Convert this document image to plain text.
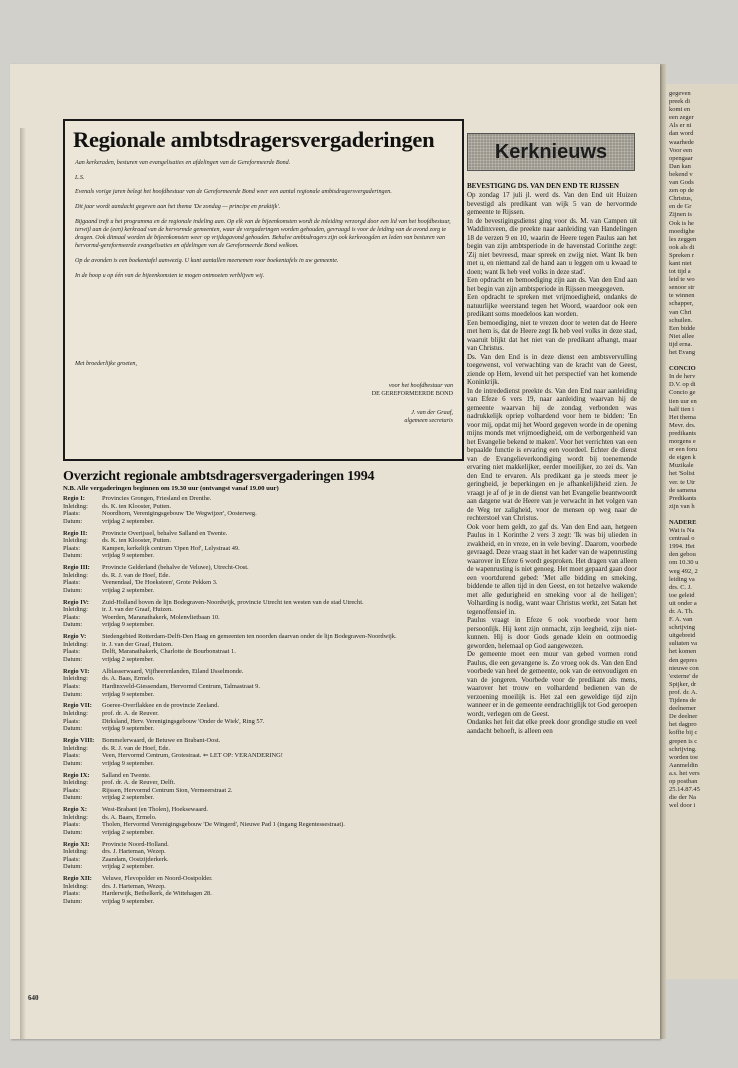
gegeven
preek di
komt en
een zeger
Als er ni
dan word
waarhede
Voor een
opengaar
Dan kan
bekend v
van Gods
zen op de
Christus,
en de Gr
Zijnen is
Ook is he
moedighe
les zeggen
ook als di
Spreken r
kant niet
tot tijd a
leid te wo
senoor str
te winnen
schapper,
van Chri
schuilen.
Een bidde
Niet allee
tijd erna.
het Evang

CONCIO
In de herv
D.V. op di
Concio ge
tien uur en
half tien i
Het thema
Mevr. drs.
predikants
morgens e
er een foru
de eigen k
Muzikale
het 'Solist
ver. te Utr
de samena
Predikants
zijn van h

NADERE
Wat is Na
centraal o
1994. Het
den gebou
om 10.30 u
weg 492, 2
leiding va
drs. C. J.
toe geleid
uit onder a
dr. A. Th.
F. A. van
schrijving
uitgebreid
sultaten va
het komen
den gepres
nieuwe con
'externe' de
Spijker, dr
prof. dr. A.
Tijdens de
deelnemer
De deelner
het dagpro
koffie bij c
grepen is c
schrijving.
worden toe
Aanmeldin
a.s. het vers
op postban
25.14.87.45
die der Na
wel door i
Regionale ambtsdragersvergaderingen

Aan kerkeraden, besturen van evangelisaties en afdelingen van de Gereformeerde Bond.

L.S.

Evenals vorige jaren belegt het hoofdbestuur van de Gereformeerde Bond weer een aantal regionale ambtsdragersvergaderingen.

Dit jaar wordt aandacht gegeven aan het thema 'De zondag — principe en praktijk'.

Bijgaand treft u het programma en de regionale indeling aan. Op elk van de bijeenkomsten wordt de inleiding verzorgd door een lid van het hoofdbestuur, terwijl aan de (een) kerkraad van de hervormde gemeenten, waar de vergaderingen worden gehouden, gevraagd is voor de leiding van de avond zorg te dragen. Ook ditmaal worden de bijeenkomsten weer op vrijdagavond gehouden. Behalve ambtsdragers zijn ook kerkvoogden en leden van besturen van hervormd-gereformeerde evangelisaties en afdelingen van de Gereformeerde Bond welkom.

Op de avonden is een boekentafel aanwezig. U kunt aantallen meenemen voor boekentafels in uw gemeente.

In de hoop u op één van de bijeenkomsten te mogen ontmoeten verblijven wij.

Met broederlijke groeten,
voor het hoofdbestuur van
DE GEREFORMEERDE BOND
J. van der Graaf,
algemeen secretaris
Overzicht regionale ambtsdragersvergaderingen 1994

N.B. Alle vergaderingen beginnen om 19.30 uur (ontvangst vanaf 19.00 uur)

Regio I:	Provincies Grongen, Friesland en Drenthe.
Inleiding:	ds. K. ten Klooster, Putten.
Plaats:	Noordhorn, Verenigingsgebouw 'De Wegwijzer', Oosterweg.
Datum:	vrijdag 2 september.
Regio II:	Provincie Overijssel, behalve Salland en Twente.
Inleiding:	ds. K. ten Klooster, Putten.
Plaats:	Kampen, kerkelijk centrum 'Open Hof', Lelystraat 49.
Datum:	vrijdag 9 september.
Regio III:	Provincie Gelderland (behalve de Veluwe), Utrecht-Oost.
Inleiding:	ds. R. J. van de Hoef, Ede.
Plaats:	Veenendaal, 'De Hoeksteen', Grote Pekken 3.
Datum:	vrijdag 2 september.
Regio IV:	Zuid-Holland boven de lijn Bodegraven-Noordwijk, provincie Utrecht ten westen van de stad Utrecht.
Inleiding:	ir. J. van der Graaf, Huizen.
Plaats:	Woerden, Maranathakerk, Molenvlietbaan 10.
Datum:	vrijdag 9 september.
Regio V:	Stedengebied Rotterdam-Delft-Den Haag en gemeenten ten noorden daarvan onder de lijn Bodegraven-Noordwijk.
Inleiding:	ir. J. van der Graaf, Huizen.
Plaats:	Delft, Maranathakerk, Charlotte de Bourbonstraat 1.
Datum:	vrijdag 2 september.
Regio VI:	Alblasserwaard, Vijfheerenlanden, Eiland IJsselmonde.
Inleiding:	ds. A. Baas, Ermelo.
Plaats:	Hardinxveld-Giessendam, Hervormd Centrum, Talmastraat 9.
Datum:	vrijdag 9 september.
Regio VII:	Goeree-Overflakkee en de provincie Zeeland.
Inleiding:	prof. dr. A. de Reuver.
Plaats:	Dirksland, Herv. Verenigingsgebouw 'Onder de Wiek', Ring 57.
Datum:	vrijdag 9 september.
Regio VIII:	Bommelerwaard, de Betuwe en Brabant-Oost.
Inleiding:	ds. R. J. van de Hoef, Ede.
Plaats:	Veen, Hervormd Centrum, Grotestraat. ⇐ LET OP: VERANDERING!
Datum:	vrijdag 9 september.
Regio IX:	Salland en Twente.
Inleiding:	prof. dr. A. de Reuver, Delft.
Plaats:	Rijssen, Hervormd Centrum Sion, Vermeerstraat 2.
Datum:	vrijdag 2 september.
Regio X:	West-Brabant (en Tholen), Hoeksewaard.
Inleiding:	ds. A. Baars, Ermelo.
Plaats:	Tholen, Hervormd Verenigingsgebouw 'De Wingerd', Nieuwe Pad 1 (ingang Regentessestraat).
Datum:	vrijdag 2 september.
Regio XI:	Provincie Noord-Holland.
Inleiding:	drs. J. Harteman, Wezep.
Plaats:	Zaandam, Oostzijderkerk.
Datum:	vrijdag 2 september.
Regio XII:	Veluwe, Flevopolder en Noord-Oostpolder.
Inleiding:	drs. J. Harteman, Wezep.
Plaats:	Harderwijk, Bethelkerk, de Wittehagen 28.
Datum:	vrijdag 9 september.
Kerknieuws
BEVESTIGING DS. VAN DEN END TE RIJSSEN

Op zondag 17 juli jl. werd ds. Van den End uit Huizen bevestigd als predikant van wijk 5 van de hervormde gemeente te Rijssen.

In de bevestigingsdienst ging voor ds. M. van Campen uit Waddinxveen, die preekte naar aanleiding van Handelingen 18 de verzen 9 en 10, waarin de Heere tegen Paulus aan het begin van zijn ambtsperiode in de havenstad Corinthe zegt: 'Zij niet bevreesd, maar spreek en zwijg niet. Want Ik ben met u, en niemand zal de hand aan u leggen om u kwaad te doen; want Ik heb veel volks in deze stad'.

Een opdracht en bemoediging zijn aan ds. Van den End aan het begin van zijn ambtsperiode in Rijssen meegegeven.

Een opdracht te spreken met vrijmoedigheid, ondanks de natuurlijke weerstand tegen het Woord, waardoor ook een predikant soms moedeloos kan worden.

Een bemoediging, niet te vrezen door te weten dat de Heere met hem is, dat de Heere zegt Ik heb veel volks in deze stad, waaruit blijkt dat het niet van de predikant afhangt, maar van Christus.

Ds. Van den End is in deze dienst een ambtsvervulling toegewenst, vol verwachting van de kracht van de Geest, ziende op Hem, levend uit het perspectief van het komende Koninkrijk.

In de intrededienst preekte ds. Van den End naar aanleiding van Efeze 6 vers 19, naar aanleiding waarvan hij de gemeente waarvan hij de zondag verbonden was nadrukkelijk opriep volhardend voor hem te bidden: 'En voor mij, opdat mij het Woord gegeven worde in de opening mijns monds met vrijmoedigheid, om de verborgenheid van het Evangelie bekend te maken'. Voor het verrichten van een bepaalde functie is ervaring een voordeel. Echter de dienst van de Evangelieverkondiging wordt bij toenemende ervaring niet makkelijker, eerder moeilijker, zo zei ds. Van den End te ervaren. Als predikant ga je steeds meer je geringheid, je beperkingen en je afhankelijkheid zien. Je vraagt je af of je in de dienst van het Evangelie beantwoordt aan datgene wat de Heere van je verwacht in het volgen van de Weg ter zaligheid, voor de mensen op weg naar de rechterstoel van Christus.

Ook voor hem geldt, zo gaf ds. Van den End aan, hetgeen Paulus in 1 Korinthe 2 vers 3 zegt: 'Ik was bij ulieden in zwakheid, en in vreze, en in vele beving'. Daarom, voorbede gevraagd. Deze vraag staat in het kader van de wapenrusting waarover in Efeze 6 wordt gesproken. Het dragen van alleen de wapenrusting is niet genoeg. Het moet gepaard gaan door een voortdurend gebed: 'Met alle bidding en smeking, biddende te allen tijd in den Geest, en tot hetzelve wakende met alle gedurigheid en smeking voor al de heiligen'; Volharding is nodig, want waar Christus werkt, zet Satan het tegenoffensief in.

Paulus vraagt in Efeze 6 ook voorbede voor hem persoonlijk. Hij kent zijn onmacht, zijn leegheid, zijn niet-kunnen. Hij is door Gods genade klein en ootmoedig geworden, helemaal op God aangewezen.

De gemeente moet een muur van gebed vormen rond Paulus, die een gevangene is. Zo vroeg ook ds. Van den End voorbede van heel de gemeente, ook van de eenvoudigen en van de jongeren. Voorbede voor de predikant als mens, waarover het trouw en volhardend bedienen van de verzoening moeilijk is. Het zal een geweldige tijd zijn wanneer er in de gemeente eendrachtiglijk tot God geroepen wordt, verlegen om de Geest.

Ondanks het feit dat elke preek door grondige studie en veel aandacht behoeft, is alleen een

640
